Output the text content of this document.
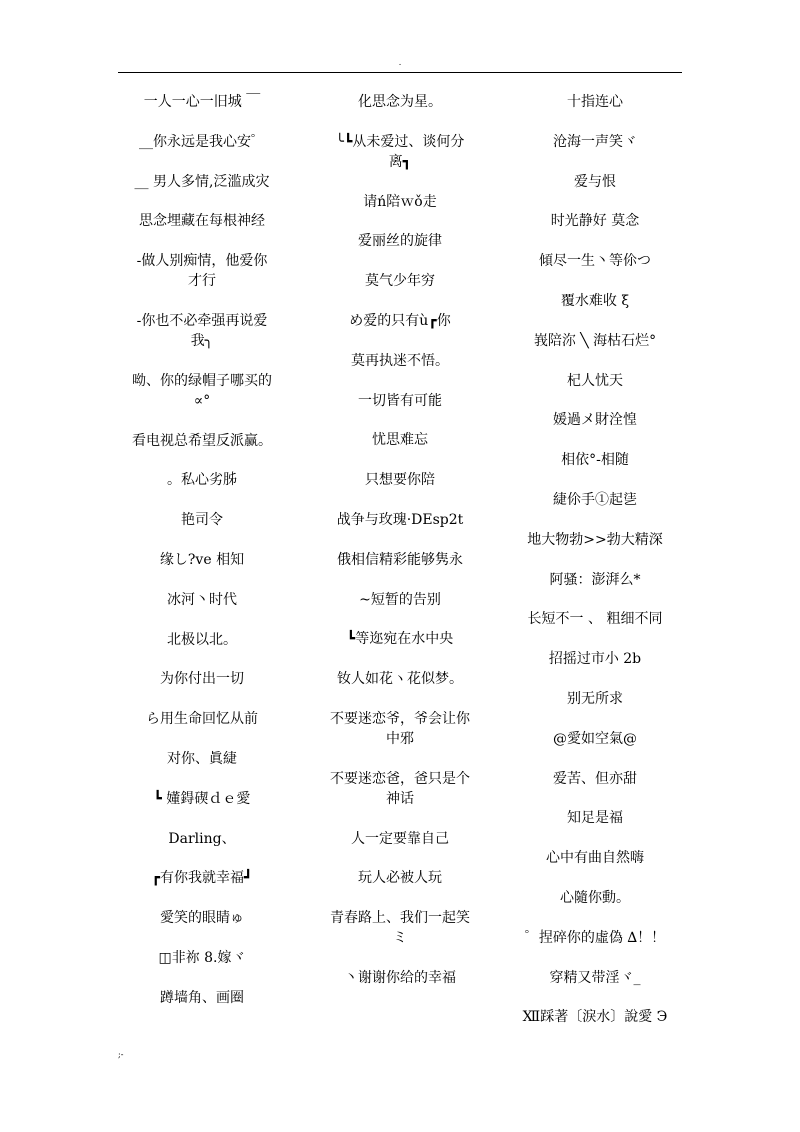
.
一人一心一旧城 ￣
__你永远是我心安゜
__ 男人多情,泛滥成灾
思念埋藏在每根神经
-做人别痴情，他爱你
才行
-你也不必牵强再说爱
我╮
呦、你的绿帽子哪买的
∝°
看电视总希望反派赢。
。私心劣胏
艳司令
缘し?ve 相知
冰河丶时代
北极以北。
为你付出一切
ら用生命回忆从前
对你、眞緁
┗ 嬞鍀碶ｄｅ愛
Darling、
┏有你我就幸福┛
愛笑的眼睛ゅ
◫非祢 8.嫁ヾ
蹲墙角、画圈
化思念为星。
╰┗从未爱过、谈何分
离┓
请ń陪ｗǒ走
爱丽丝的旋律
莫气少年穷
め爱的只有ù┏你
莫再执迷不悟。
一切皆有可能
忧思难忘
只想要你陪
战争与玫瑰·DEsp2t
俄相信精彩能够隽永
~短暂的告别
┗等迩宛在水中央
钕人如花ヽ花似梦。
不要迷恋爷，爷会让你
中邪
不要迷恋爸，爸只是个
神话
人一定要靠自己
玩人必被人玩
青春路上、我们一起笑
ミ
丶谢谢你给的幸福
十指连心
沧海一声笑ヾ
爱与恨
时光静好 莫念
傾尽一生丶等伱つ
覆水难收 ξ
峩陪沵 ╲ 海枯石烂°
杞人忧天
媛過メ財洤惶
相依°-相随
緁伱手①起乼
地大物勃>>勃大精深
阿骚：澎湃么*
长短不一 、 粗细不同
招摇过市小 2b
别无所求
@愛如空氣@
爱苦、但亦甜
知足是福
心中有曲自然嗨
心隨你動。
゜捏碎你的虛偽 ∆！！
穿精又带淫ヾ_
Ⅻ踩著〔淚水〕說愛 Э
;-
